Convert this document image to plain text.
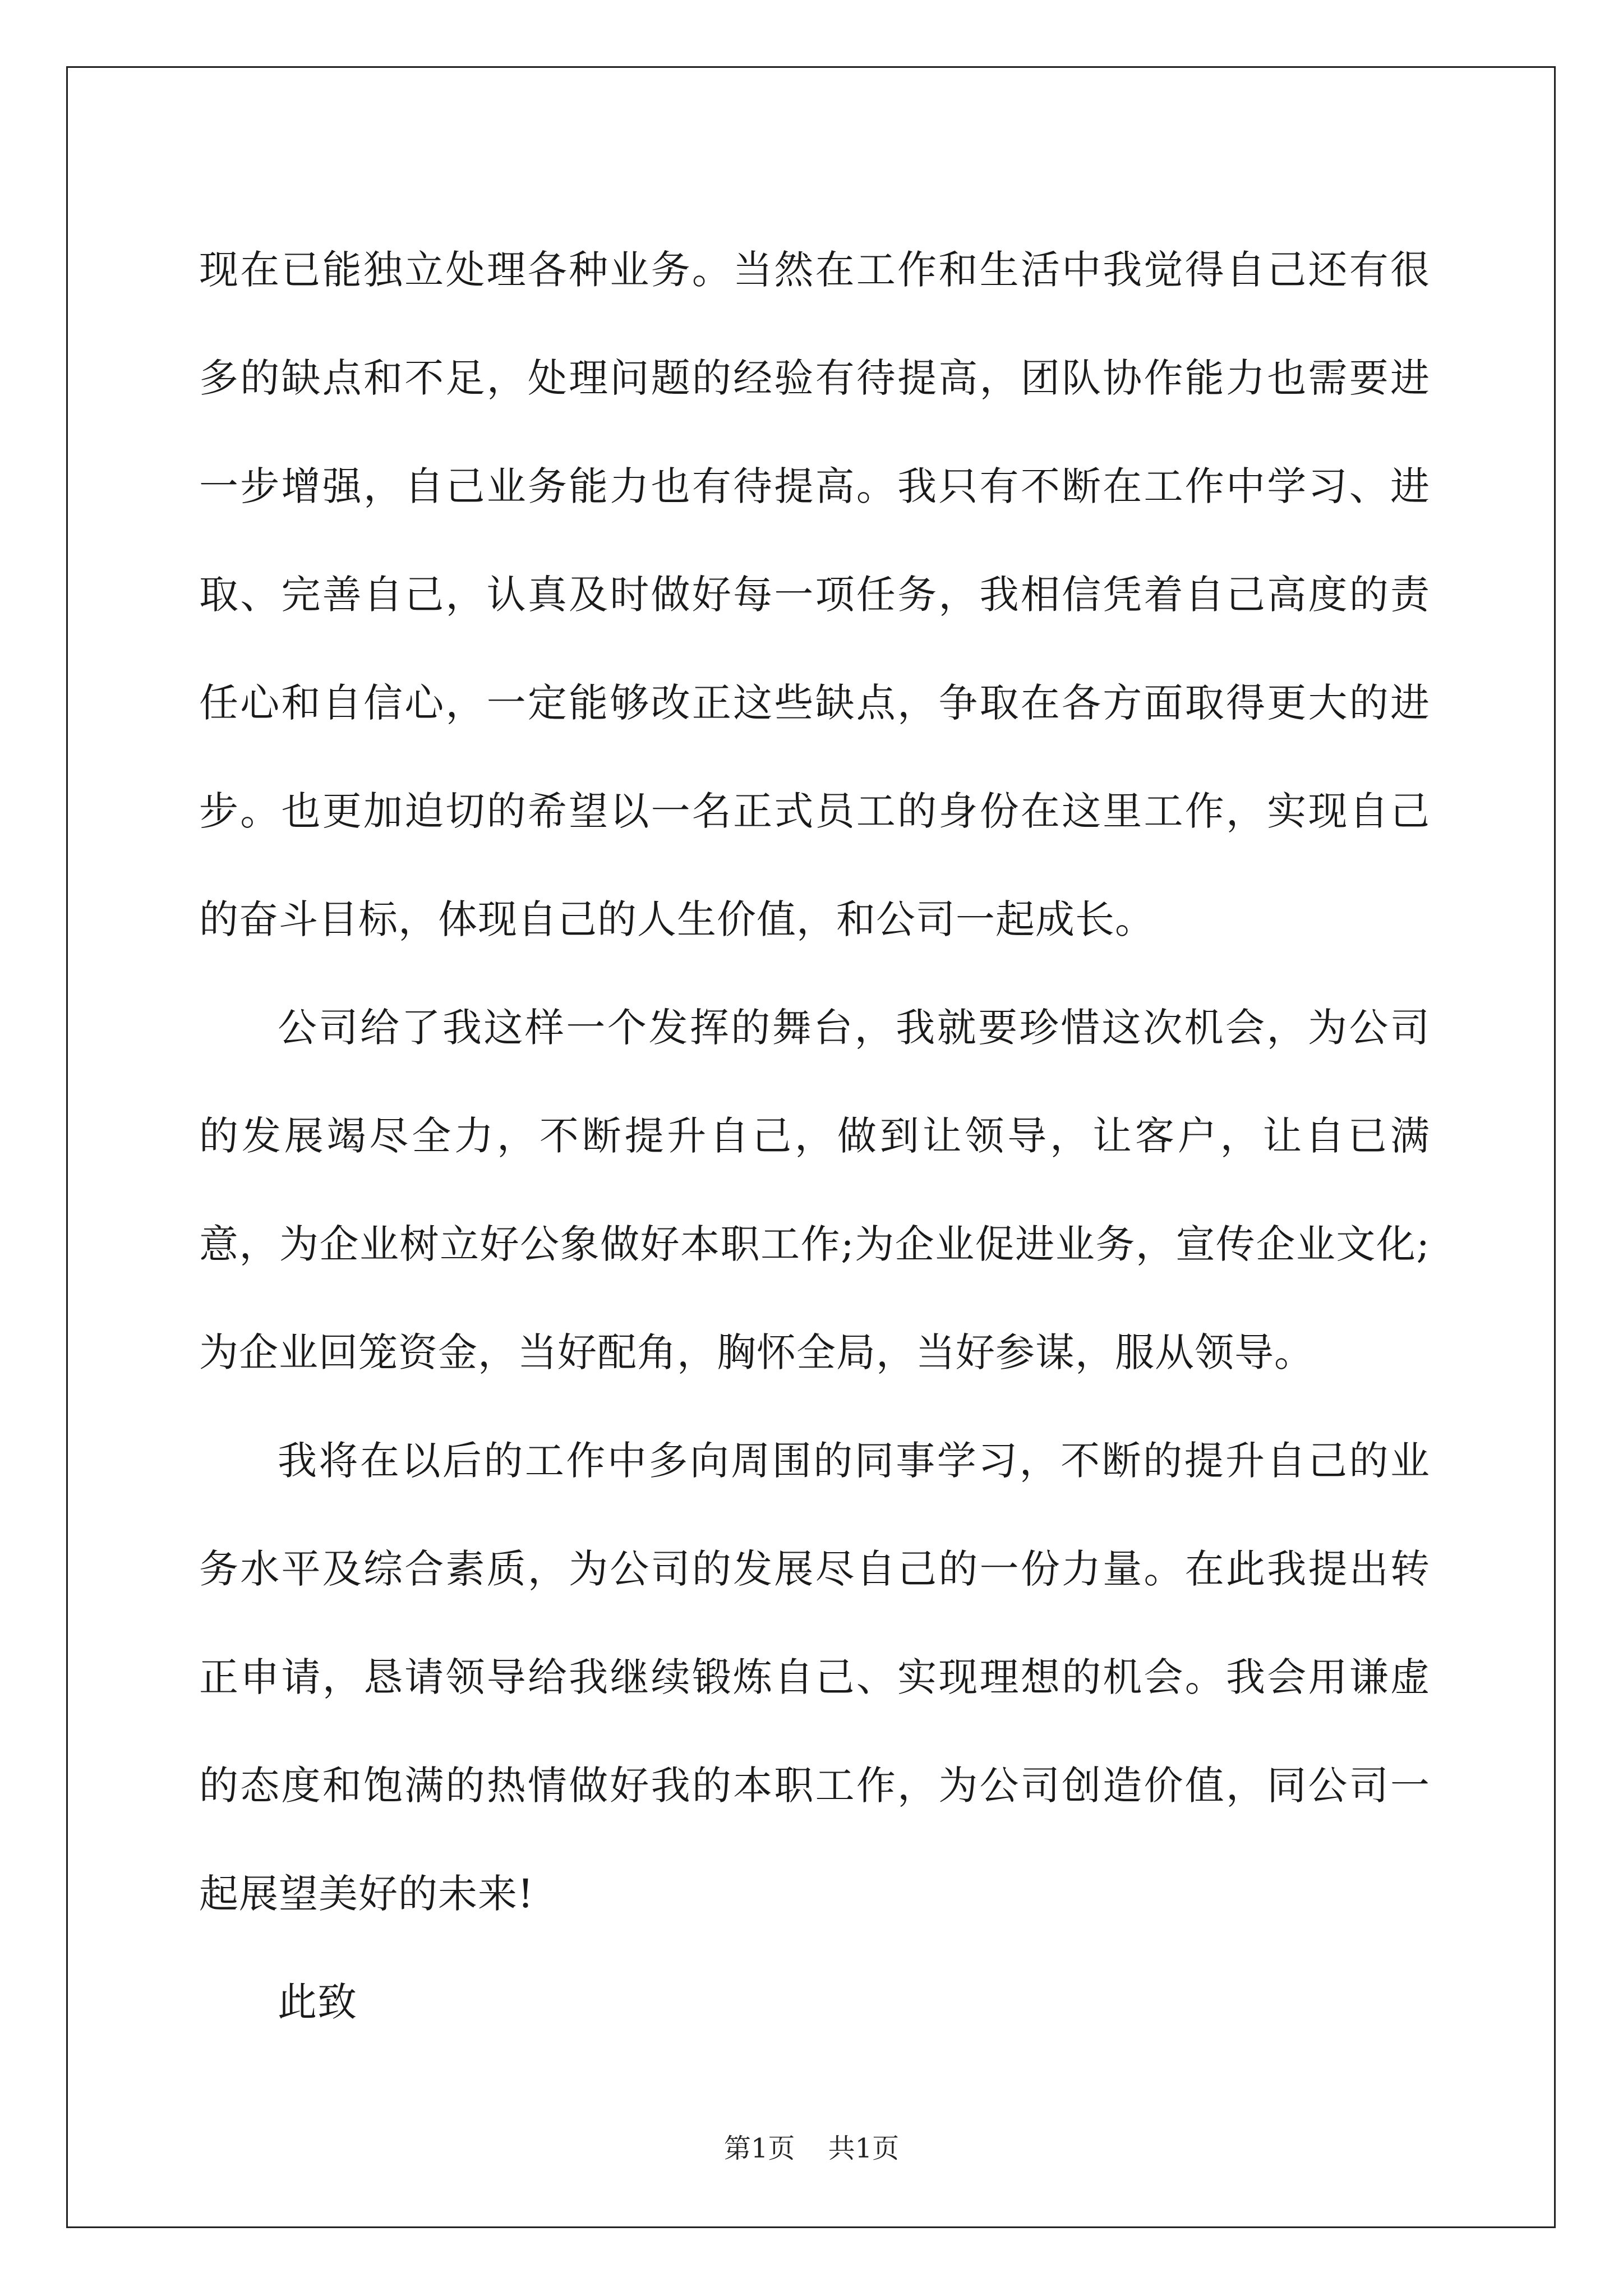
现在已能独立处理各种业务。当然在工作和生活中我觉得自己还有很多的缺点和不足，处理问题的经验有待提高，团队协作能力也需要进一步增强，自己业务能力也有待提高。我只有不断在工作中学习、进取、完善自己，认真及时做好每一项任务，我相信凭着自己高度的责任心和自信心，一定能够改正这些缺点，争取在各方面取得更大的进步。也更加迫切的希望以一名正式员工的身份在这里工作，实现自己的奋斗目标，体现自己的人生价值，和公司一起成长。

公司给了我这样一个发挥的舞台，我就要珍惜这次机会，为公司的发展竭尽全力，不断提升自己，做到让领导，让客户，让自已满意，为企业树立好公象做好本职工作;为企业促进业务，宣传企业文化;为企业回笼资金，当好配角，胸怀全局，当好参谋，服从领导。

我将在以后的工作中多向周围的同事学习，不断的提升自己的业务水平及综合素质，为公司的发展尽自己的一份力量。在此我提出转正申请，恳请领导给我继续锻炼自己、实现理想的机会。我会用谦虚的态度和饱满的热情做好我的本职工作，为公司创造价值，同公司一起展望美好的未来!

此致

第1页 共1页
